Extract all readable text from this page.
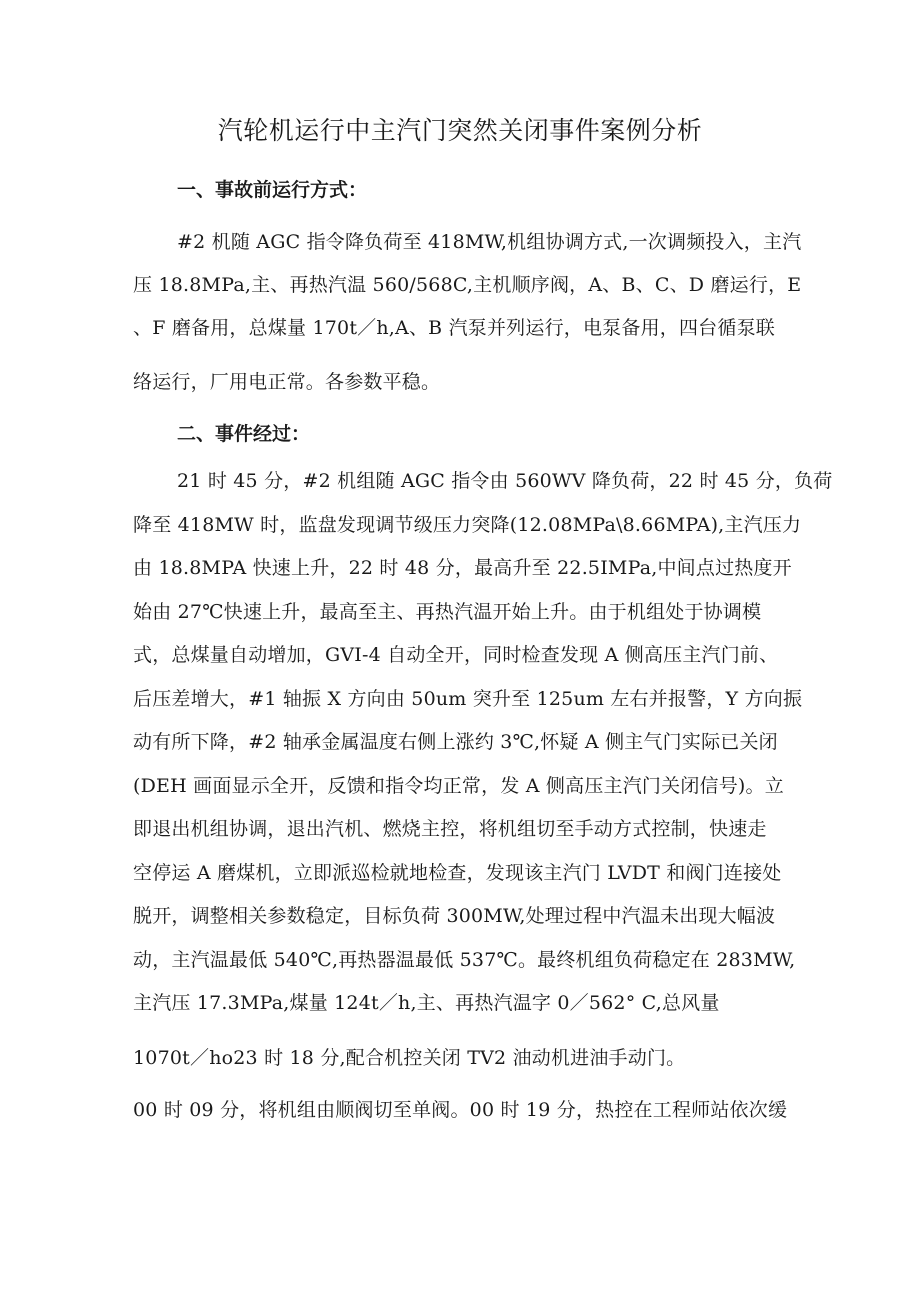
汽轮机运行中主汽门突然关闭事件案例分析
一、事故前运行方式：
#2 机随 AGC 指令降负荷至 418MW,机组协调方式,一次调频投入，主汽
压 18.8MPa,主、再热汽温 560/568C,主机顺序阀，A、B、C、D 磨运行，E
、F 磨备用，总煤量 170t／h,A、B 汽泵并列运行，电泵备用，四台循泵联
络运行，厂用电正常。各参数平稳。
二、事件经过：
21 时 45 分，#2 机组随 AGC 指令由 560WV 降负荷，22 时 45 分，负荷
降至 418MW 时，监盘发现调节级压力突降(12.08MPa\8.66MPA),主汽压力
由 18.8MPA 快速上升，22 时 48 分，最高升至 22.5IMPa,中间点过热度开
始由 27℃快速上升，最高至主、再热汽温开始上升。由于机组处于协调模
式，总煤量自动增加，GVI-4 自动全开，同时检查发现 A 侧高压主汽门前、
后压差增大，#1 轴振 X 方向由 50um 突升至 125um 左右并报警，Y 方向振
动有所下降，#2 轴承金属温度右侧上涨约 3℃,怀疑 A 侧主气门实际已关闭
(DEH 画面显示全开，反馈和指令均正常，发 A 侧高压主汽门关闭信号)。立
即退出机组协调，退出汽机、燃烧主控，将机组切至手动方式控制，快速走
空停运 A 磨煤机，立即派巡检就地检查，发现该主汽门 LVDT 和阀门连接处
脱开，调整相关参数稳定，目标负荷 300MW,处理过程中汽温未出现大幅波
动，主汽温最低 540℃,再热器温最低 537℃。最终机组负荷稳定在 283MW,
主汽压 17.3MPa,煤量 124t／h,主、再热汽温字 0／562° C,总风量
1070t／ho23 时 18 分,配合机控关闭 TV2 油动机进油手动门。
00 时 09 分，将机组由顺阀切至单阀。00 时 19 分，热控在工程师站依次缓
